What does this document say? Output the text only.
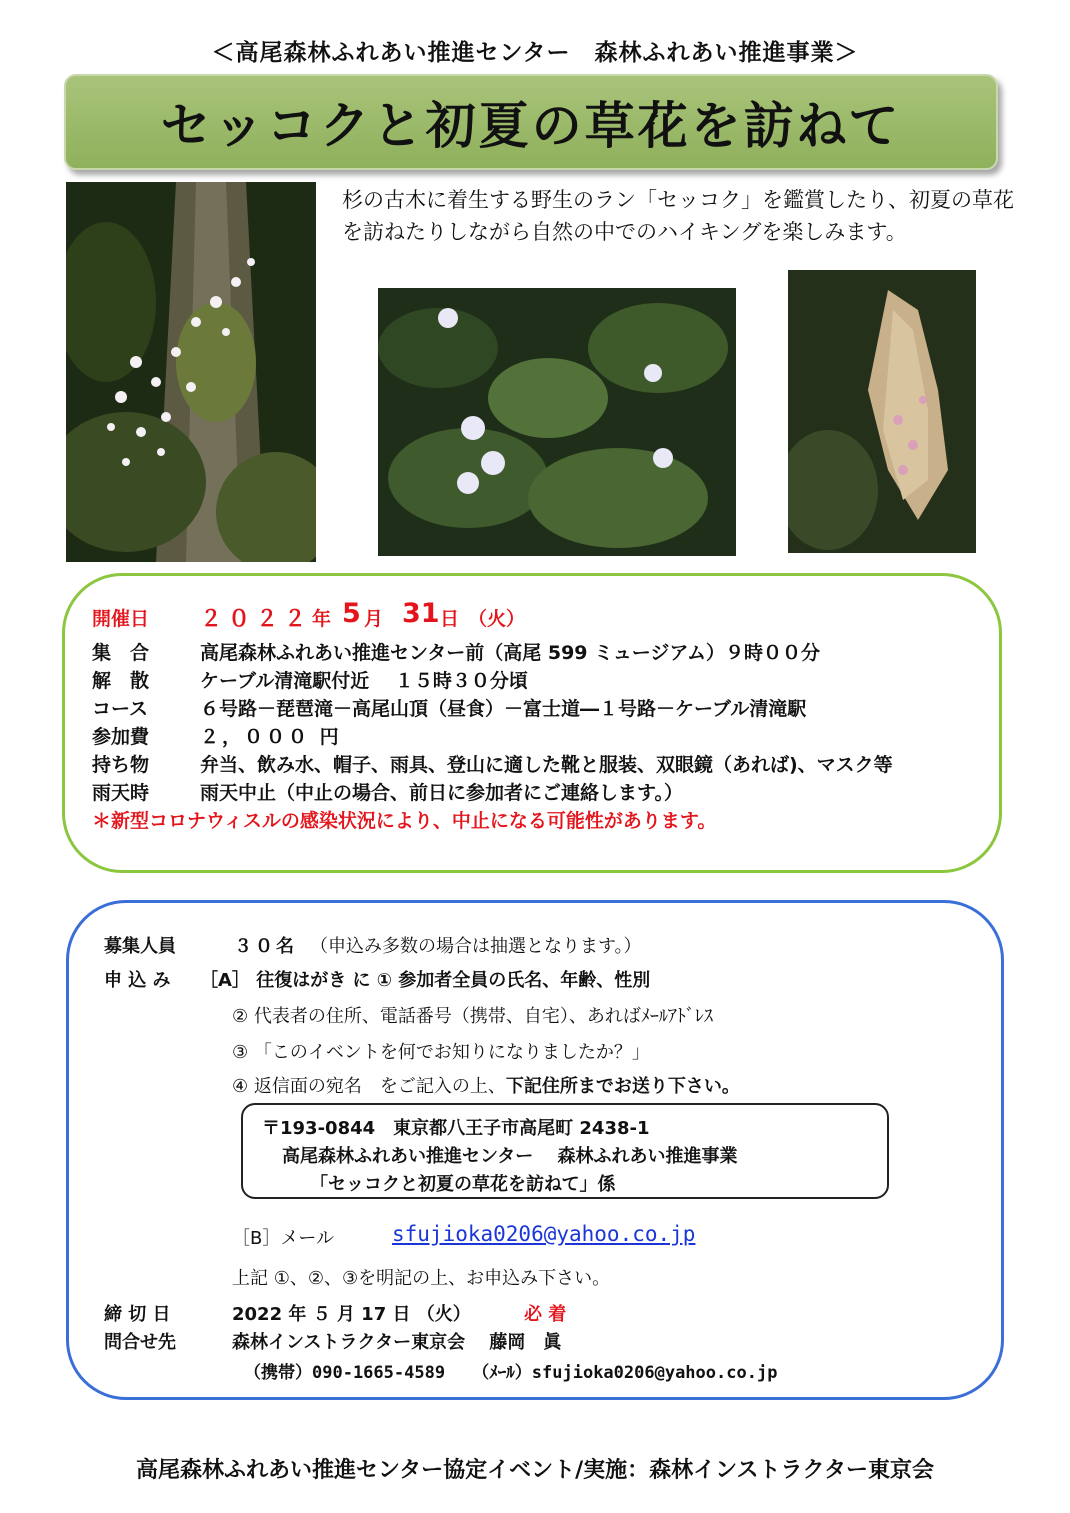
＜高尾森林ふれあい推進センター　森林ふれあい推進事業＞
セッコクと初夏の草花を訪ねて
杉の古木に着生する野生のラン「セッコク」を鑑賞したり、初夏の草花を訪ねたりしながら自然の中でのハイキングを楽しみます。
開催日 ２０２２ 年 5 月 31 日 （火）
集　合	高尾森林ふれあい推進センター前（高尾 599 ミュージアム）９時００分
解　散	ケーブル清滝駅付近　 １５時３０分頃
コース	６号路－琵琶滝－高尾山頂（昼食）－富士道―１号路－ケーブル清滝駅
参加費	２，０００ 円
持ち物	弁当、飲み水、帽子、雨具、登山に適した靴と服装、双眼鏡（あれば)、マスク等
雨天時	雨天中止（中止の場合、前日に参加者にご連絡します。）
＊新型コロナウィスルの感染状況により、中止になる可能性があります。
募集人員	３０名 （申込み多数の場合は抽選となります。）
申 込 み ［A］ 往復はがき に ① 参加者全員の氏名、年齢、性別
② 代表者の住所、電話番号（携帯、自宅）、あればﾒｰﾙｱﾄﾞﾚｽ
③ 「このイベントを何でお知りになりましたか？」
④ 返信面の宛名　をご記入の上、下記住所までお送り下さい。
〒193-0844　東京都八王子市高尾町 2438-1
高尾森林ふれあい推進センター　 森林ふれあい推進事業
「セッコクと初夏の草花を訪ねて」係
［B］メール	sfujioka0206@yahoo.co.jp
上記 ①、②、③を明記の上、お申込み下さい。
締 切 日	2022 年 ５ 月 17 日 （火）	必 着
問合せ先	森林インストラクター東京会　 藤岡　眞
（携帯）090-1665-4589　 （ﾒｰﾙ）sfujioka0206@yahoo.co.jp
高尾森林ふれあい推進センター協定イベント/実施：森林インストラクター東京会
